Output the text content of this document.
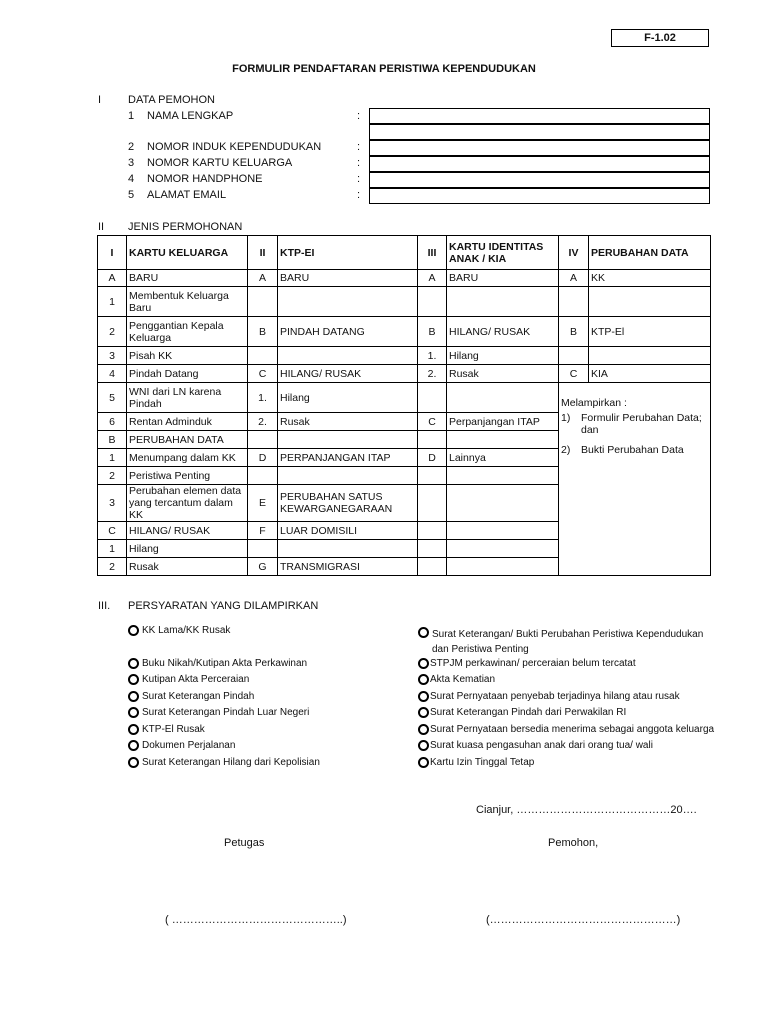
F-1.02
FORMULIR PENDAFTARAN PERISTIWA KEPENDUDUKAN
I DATA PEMOHON
1 NAMA LENGKAP	:
2 NOMOR INDUK KEPENDUDUKAN	:
3 NOMOR KARTU KELUARGA	:
4 NOMOR HANDPHONE	:
5 ALAMAT EMAIL	:
II JENIS PERMOHONAN
I	KARTU KELUARGA	II	KTP-EI	III	KARTU IDENTITAS ANAK / KIA	IV	PERUBAHAN DATA
A	BARU	A	BARU	A	BARU	A	KK
1	Membentuk Keluarga Baru						
2	Penggantian Kepala Keluarga	B	PINDAH DATANG	B	HILANG/ RUSAK	B	KTP-El
3	Pisah KK			1.	Hilang		
4	Pindah Datang	C	HILANG/ RUSAK	2.	Rusak	C	KIA
5	WNI dari LN karena Pindah	1.	Hilang			Melampirkan :
1) Formulir Perubahan Data; dan
2) Bukti Perubahan Data	

6	Rentan Adminduk	2.	Rusak	C	Perpanjangan ITAP		
B	PERUBAHAN DATA						
1	Menumpang dalam KK	D	PERPANJANGAN ITAP	D	Lainnya		
2	Peristiwa Penting						
3	Perubahan elemen data yang tercantum dalam KK	E	PERUBAHAN SATUS KEWARGANEGARAAN				
C	HILANG/ RUSAK	F	LUAR DOMISILI				
1	Hilang						
2	Rusak	G	TRANSMIGRASI				
III. PERSYARATAN YANG DILAMPIRKAN
KK Lama/KK Rusak
Buku Nikah/Kutipan Akta Perkawinan
Kutipan Akta Perceraian
Surat Keterangan Pindah
Surat Keterangan Pindah Luar Negeri
KTP-El Rusak
Dokumen Perjalanan
Surat Keterangan Hilang dari Kepolisian
Surat Keterangan/ Bukti Perubahan Peristiwa Kependudukan dan Peristiwa Penting
STPJM perkawinan/ perceraian belum tercatat
Akta Kematian
Surat Pernyataan penyebab terjadinya hilang atau rusak
Surat Keterangan Pindah dari Perwakilan RI
Surat Pernyataan bersedia menerima sebagai anggota keluarga
Surat kuasa pengasuhan anak dari orang tua/ wali
Kartu Izin Tinggal Tetap
Cianjur, ……………………………………20….
Petugas	Pemohon,
( ………………………………………..)	(……………………………………………)
